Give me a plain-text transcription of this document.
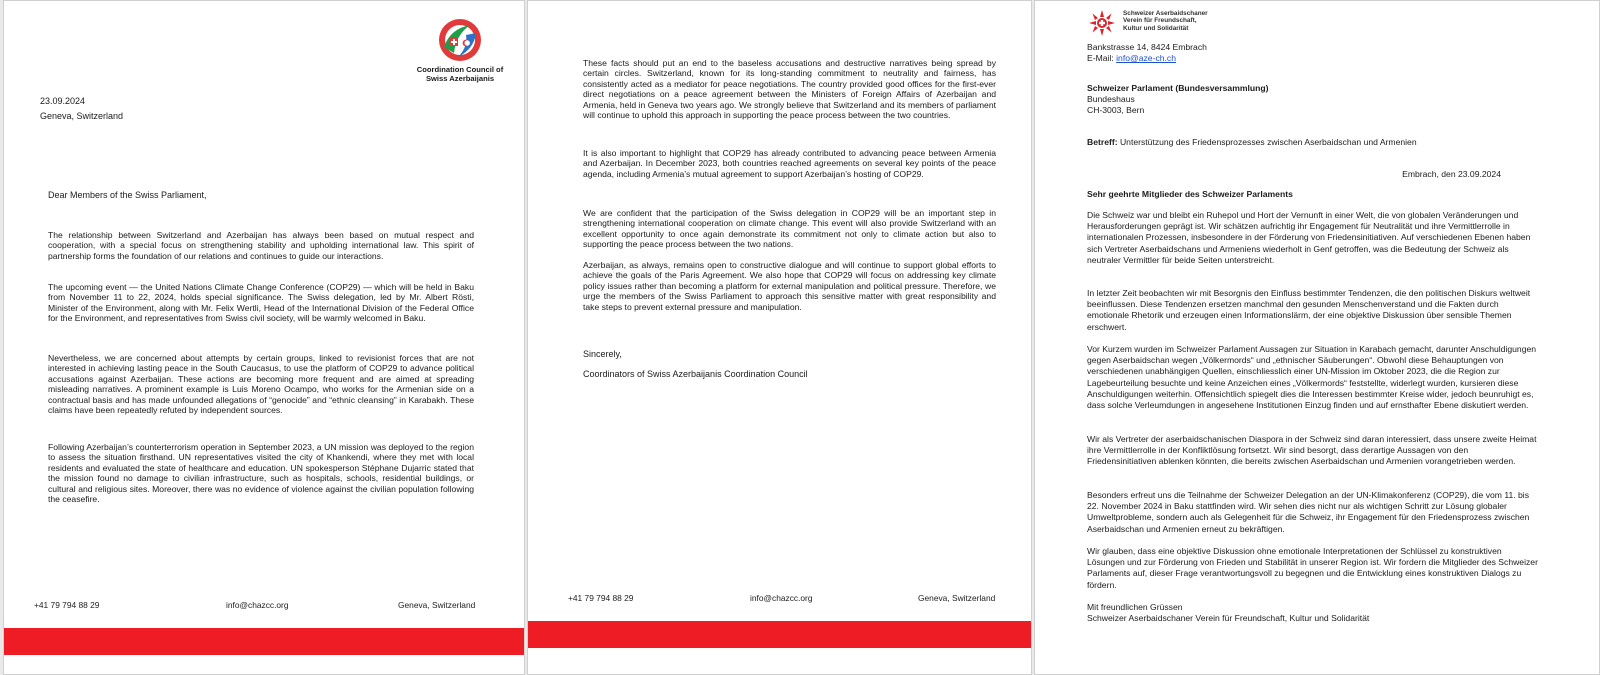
Coordination Council of Swiss Azerbaijanis
23.09.2024
Geneva, Switzerland
Dear Members of the Swiss Parliament,

The relationship between Switzerland and Azerbaijan has always been based on mutual respect and cooperation, with a special focus on strengthening stability and upholding international law. This spirit of partnership forms the foundation of our relations and continues to guide our interactions.

The upcoming event — the United Nations Climate Change Conference (COP29) — which will be held in Baku from November 11 to 22, 2024, holds special significance. The Swiss delegation, led by Mr. Albert Rösti, Minister of the Environment, along with Mr. Felix Wertli, Head of the International Division of the Federal Office for the Environment, and representatives from Swiss civil society, will be warmly welcomed in Baku.

Nevertheless, we are concerned about attempts by certain groups, linked to revisionist forces that are not interested in achieving lasting peace in the South Caucasus, to use the platform of COP29 to advance political accusations against Azerbaijan. These actions are becoming more frequent and are aimed at spreading misleading narratives. A prominent example is Luis Moreno Ocampo, who works for the Armenian side on a contractual basis and has made unfounded allegations of “genocide” and “ethnic cleansing” in Karabakh. These claims have been repeatedly refuted by independent sources.

Following Azerbaijan’s counterterrorism operation in September 2023, a UN mission was deployed to the region to assess the situation firsthand. UN representatives visited the city of Khankendi, where they met with local residents and evaluated the state of healthcare and education. UN spokesperson Stéphane Dujarric stated that the mission found no damage to civilian infrastructure, such as hospitals, schools, residential buildings, or cultural and religious sites. Moreover, there was no evidence of violence against the civilian population following the ceasefire.

+41 79 794 88 29	info@chazcc.org	Geneva, Switzerland

These facts should put an end to the baseless accusations and destructive narratives being spread by certain circles. Switzerland, known for its long-standing commitment to neutrality and fairness, has consistently acted as a mediator for peace negotiations. The country provided good offices for the first-ever direct negotiations on a peace agreement between the Ministers of Foreign Affairs of Azerbaijan and Armenia, held in Geneva two years ago. We strongly believe that Switzerland and its members of parliament will continue to uphold this approach in supporting the peace process between the two countries.

It is also important to highlight that COP29 has already contributed to advancing peace between Armenia and Azerbaijan. In December 2023, both countries reached agreements on several key points of the peace agenda, including Armenia’s mutual agreement to support Azerbaijan’s hosting of COP29.

We are confident that the participation of the Swiss delegation in COP29 will be an important step in strengthening international cooperation on climate change. This event will also provide Switzerland with an excellent opportunity to once again demonstrate its commitment not only to climate action but also to supporting the peace process between the two nations.

Azerbaijan, as always, remains open to constructive dialogue and will continue to support global efforts to achieve the goals of the Paris Agreement. We also hope that COP29 will focus on addressing key climate policy issues rather than becoming a platform for external manipulation and political pressure. Therefore, we urge the members of the Swiss Parliament to approach this sensitive matter with great responsibility and take steps to prevent external pressure and manipulation.

Sincerely,
Coordinators of Swiss Azerbaijanis Coordination Council
+41 79 794 88 29	info@chazcc.org	Geneva, Switzerland
Schweizer Aserbaidschaner
Verein für Freundschaft,
Kultur und Solidarität
Bankstrasse 14, 8424 Embrach
E-Mail: info@aze-ch.ch
Schweizer Parlament (Bundesversammlung)
Bundeshaus
CH-3003, Bern
Betreff: Unterstützung des Friedensprozesses zwischen Aserbaidschan und Armenien
Embrach, den 23.09.2024
Sehr geehrte Mitglieder des Schweizer Parlaments

Die Schweiz war und bleibt ein Ruhepol und Hort der Vernunft in einer Welt, die von globalen Veränderungen und Herausforderungen geprägt ist. Wir schätzen aufrichtig ihr Engagement für Neutralität und ihre Vermittlerrolle in internationalen Prozessen, insbesondere in der Förderung von Friedensinitiativen. Auf verschiedenen Ebenen haben sich Vertreter Aserbaidschans und Armeniens wiederholt in Genf getroffen, was die Bedeutung der Schweiz als neutraler Vermittler für beide Seiten unterstreicht.

In letzter Zeit beobachten wir mit Besorgnis den Einfluss bestimmter Tendenzen, die den politischen Diskurs weltweit beeinflussen. Diese Tendenzen ersetzen manchmal den gesunden Menschenverstand und die Fakten durch emotionale Rhetorik und erzeugen einen Informationslärm, der eine objektive Diskussion über sensible Themen erschwert.

Vor Kurzem wurden im Schweizer Parlament Aussagen zur Situation in Karabach gemacht, darunter Anschuldigungen gegen Aserbaidschan wegen „Völkermords“ und „ethnischer Säuberungen“. Obwohl diese Behauptungen von verschiedenen unabhängigen Quellen, einschliesslich einer UN-Mission im Oktober 2023, die die Region zur Lagebeurteilung besuchte und keine Anzeichen eines „Völkermords“ feststellte, widerlegt wurden, kursieren diese Anschuldigungen weiterhin. Offensichtlich spiegelt dies die Interessen bestimmter Kreise wider, jedoch beunruhigt es, dass solche Verleumdungen in angesehene Institutionen Einzug finden und auf ernsthafter Ebene diskutiert werden.

Wir als Vertreter der aserbaidschanischen Diaspora in der Schweiz sind daran interessiert, dass unsere zweite Heimat ihre Vermittlerrolle in der Konfliktlösung fortsetzt. Wir sind besorgt, dass derartige Aussagen von den Friedensinitiativen ablenken könnten, die bereits zwischen Aserbaidschan und Armenien vorangetrieben werden.

Besonders erfreut uns die Teilnahme der Schweizer Delegation an der UN-Klimakonferenz (COP29), die vom 11. bis 22. November 2024 in Baku stattfinden wird. Wir sehen dies nicht nur als wichtigen Schritt zur Lösung globaler Umweltprobleme, sondern auch als Gelegenheit für die Schweiz, ihr Engagement für den Friedensprozess zwischen Aserbaidschan und Armenien erneut zu bekräftigen.

Wir glauben, dass eine objektive Diskussion ohne emotionale Interpretationen der Schlüssel zu konstruktiven Lösungen und zur Förderung von Frieden und Stabilität in unserer Region ist. Wir fordern die Mitglieder des Schweizer Parlaments auf, dieser Frage verantwortungsvoll zu begegnen und die Entwicklung eines konstruktiven Dialogs zu fördern.

Mit freundlichen Grüssen
Schweizer Aserbaidschaner Verein für Freundschaft, Kultur und Solidarität
